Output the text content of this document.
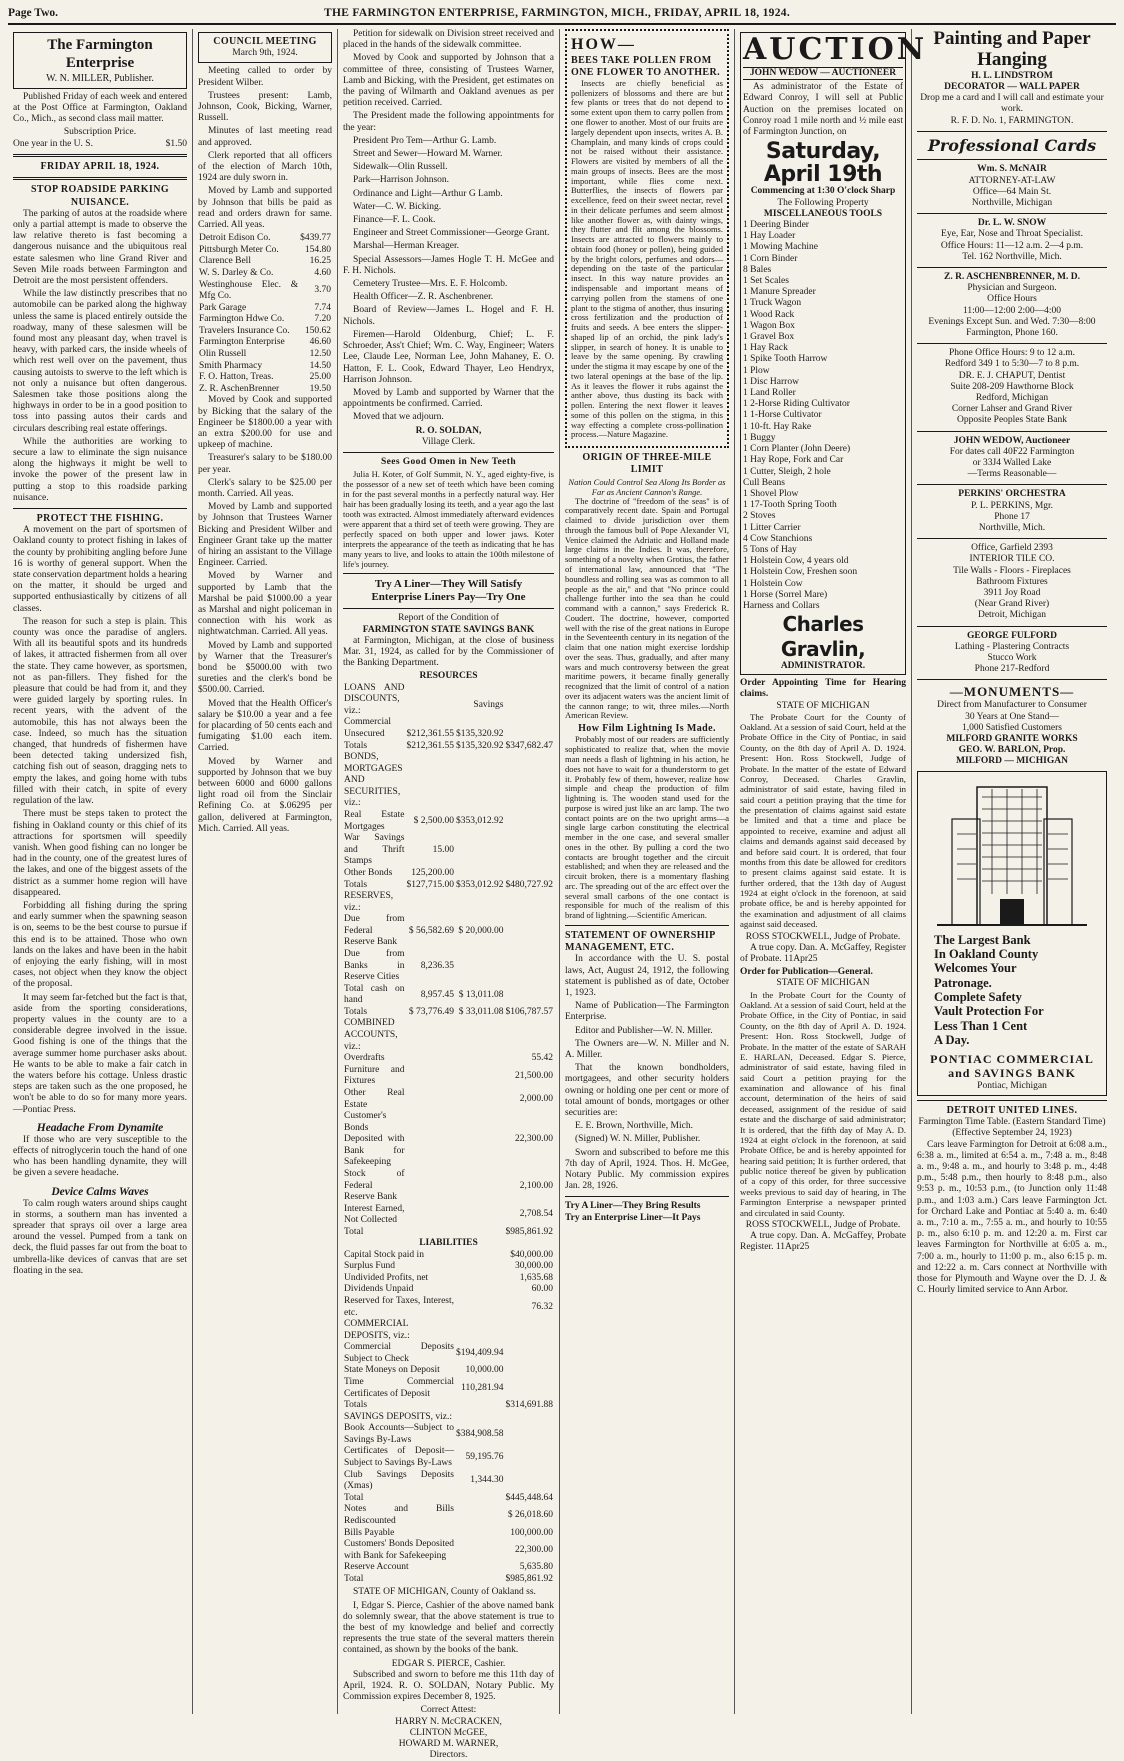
Page Two.	THE FARMINGTON ENTERPRISE, FARMINGTON, MICH., FRIDAY, APRIL 18, 1924.
The Farmington Enterprise
W. N. MILLER, Publisher.

Published Friday of each week and entered at the Post Office at Farmington, Oakland Co., Mich., as second class mail matter.

Subscription Price.
One year in the U. S.	$1.50
FRIDAY APRIL 18, 1924.
STOP ROADSIDE PARKING NUISANCE.

The parking of autos at the roadside where only a partial attempt is made to observe the law relative thereto is fast becoming a dangerous nuisance and the ubiquitous real estate salesmen who line Grand River and Seven Mile roads between Farmington and Detroit are the most persistent offenders.

While the law distinctly prescribes that no automobile can be parked along the highway unless the same is placed entirely outside the roadway, many of these salesmen will be found most any pleasant day, when travel is heavy, with parked cars, the inside wheels of which rest well over on the pavement, thus causing autoists to swerve to the left which is not only a nuisance but often dangerous. Salesmen take those positions along the highways in order to be in a good position to toss into passing autos their cards and circulars describing real estate offerings.

While the authorities are working to secure a law to eliminate the sign nuisance along the highways it might be well to invoke the power of the present law in putting a stop to this roadside parking nuisance.

PROTECT THE FISHING.

A movement on the part of sportsmen of Oakland county to protect fishing in lakes of the county by prohibiting angling before June 16 is worthy of general support. When the state conservation department holds a hearing on the matter, it should be urged and supported enthusiastically by citizens of all classes.

The reason for such a step is plain. This county was once the paradise of anglers. With all its beautiful spots and its hundreds of lakes, it attracted fishermen from all over the state. They came however, as sportsmen, not as pan-fillers. They fished for the pleasure that could be had from it, and they were guided largely by sporting rules. In recent years, with the advent of the automobile, this has not always been the case. Indeed, so much has the situation changed, that hundreds of fishermen have been detected taking undersized fish, catching fish out of season, dragging nets to empty the lakes, and going home with tubs filled with their catch, in spite of every regulation of the law.

There must be steps taken to protect the fishing in Oakland county or this chief of its attractions for sportsmen will speedily vanish. When good fishing can no longer be had in the county, one of the greatest lures of the lakes, and one of the biggest assets of the district as a summer home region will have disappeared.

Forbidding all fishing during the spring and early summer when the spawning season is on, seems to be the best course to pursue if this end is to be attained. Those who own lands on the lakes and have been in the habit of enjoying the early fishing, will in most cases, not object when they know the object of the proposal.

It may seem far-fetched but the fact is that, aside from the sporting considerations, property values in the county are to a considerable degree involved in the issue. Good fishing is one of the things that the average summer home purchaser asks about. He wants to be able to make a fair catch in the waters before his cottage. Unless drastic steps are taken such as the one proposed, he won't be able to do so for many more years.—Pontiac Press.

Headache From Dynamite

If those who are very susceptible to the effects of nitroglycerin touch the hand of one who has been handling dynamite, they will be given a severe headache.

Device Calms Waves

To calm rough waters around ships caught in storms, a southern man has invented a spreader that sprays oil over a large area around the vessel. Pumped from a tank on deck, the fluid passes far out from the boat to umbrella-like devices of canvas that are set floating in the sea.

COUNCIL MEETING
March 9th, 1924.

Meeting called to order by President Wilber.

Trustees present: Lamb, Johnson, Cook, Bicking, Warner, Russell.

Minutes of last meeting read and approved.

Clerk reported that all officers of the election of March 10th, 1924 are duly sworn in.

Moved by Lamb and supported by Johnson that bills be paid as read and orders drawn for same. Carried. All yeas.

Detroit Edison Co.	$439.77
Pittsburgh Meter Co.	154.80
Clarence Bell	16.25
W. S. Darley & Co.	4.60
Westinghouse Elec. & Mfg Co.	3.70
Park Garage	7.74
Farmington Hdwe Co.	7.20
Travelers Insurance Co.	150.62
Farmington Enterprise	46.60
Olin Russell	12.50
Smith Pharmacy	14.50
F. O. Hatton, Treas.	25.00
Z. R. AschenBrenner	19.50

Moved by Cook and supported by Bicking that the salary of the Engineer be $1800.00 a year with an extra $200.00 for use and upkeep of machine.

Treasurer's salary to be $180.00 per year.

Clerk's salary to be $25.00 per month. Carried. All yeas.

Moved by Lamb and supported by Johnson that Trustees Warner Bicking and President Wilber and Engineer Grant take up the matter of hiring an assistant to the Village Engineer. Carried.

Moved by Warner and supported by Lamb that the Marshal be paid $1000.00 a year as Marshal and night policeman in connection with his work as nightwatchman. Carried. All yeas.

Moved by Lamb and supported by Warner that the Treasurer's bond be $5000.00 with two sureties and the clerk's bond be $500.00. Carried.

Moved that the Health Officer's salary be $10.00 a year and a fee for placarding of 50 cents each and fumigating $1.00 each item. Carried.

Moved by Warner and supported by Johnson that we buy between 6000 and 6000 gallons light road oil from the Sinclair Refining Co. at $.06295 per gallon, delivered at Farmington, Mich. Carried. All yeas.

Petition for sidewalk on Division street received and placed in the hands of the sidewalk committee.

Moved by Cook and supported by Johnson that a committee of three, consisting of Trustees Warner, Lamb and Bicking, with the President, get estimates on the paving of Wilmarth and Oakland avenues as per petition received. Carried.

The President made the following appointments for the year:

President Pro Tem—Arthur G. Lamb.

Street and Sewer—Howard M. Warner.

Sidewalk—Olin Russell.

Park—Harrison Johnson.

Ordinance and Light—Arthur G Lamb.

Water—C. W. Bicking.

Finance—F. L. Cook.

Engineer and Street Commissioner—George Grant.

Marshal—Herman Kreager.

Special Assessors—James Hogle T. H. McGee and F. H. Nichols.

Cemetery Trustee—Mrs. E. F. Holcomb.

Health Officer—Z. R. Aschenbrener.

Board of Review—James L. Hogel and F. H. Nichols.

Firemen—Harold Oldenburg, Chief; L. F. Schroeder, Ass't Chief; Wm. C. Way, Engineer; Waters Lee, Claude Lee, Norman Lee, John Mahaney, E. O. Hatton, F. L. Cook, Edward Thayer, Leo Hendryx, Harrison Johnson.

Moved by Lamb and supported by Warner that the appointments be confirmed. Carried.

Moved that we adjourn.

R. O. SOLDAN,
Village Clerk.
Sees Good Omen in New Teeth

Julia H. Koter, of Golf Summit, N. Y., aged eighty-five, is the possessor of a new set of teeth which have been coming in for the past several months in a perfectly natural way. Her hair has been gradually losing its teeth, and a year ago the last tooth was extracted. Almost immediately afterward evidences were apparent that a third set of teeth were growing. They are perfectly spaced on both upper and lower jaws. Koter interprets the appearance of the teeth as indicating that he has many years to live, and looks to attain the 100th milestone of life's journey.

Try A Liner—They Will Satisfy
Enterprise Liners Pay—Try One
Report of the Condition of
FARMINGTON STATE SAVINGS BANK

at Farmington, Michigan, at the close of business Mar. 31, 1924, as called for by the Commissioner of the Banking Department.

RESOURCES
LOANS AND DISCOUNTS, viz.: Commercial		Savings	
Unsecured	$212,361.55	$135,320.92	
Totals	$212,361.55	$135,320.92	$347,682.47
BONDS, MORTGAGES AND SECURITIES, viz.:			
Real Estate Mortgages	$ 2,500.00	$353,012.92	
War Savings and Thrift Stamps	15.00		
Other Bonds	125,200.00		
Totals	$127,715.00	$353,012.92	$480,727.92
RESERVES, viz.:			
Due from Federal Reserve Bank	$ 56,582.69	$ 20,000.00	
Due from Banks in Reserve Cities	8,236.35		
Total cash on hand	8,957.45	$ 13,011.08	
Totals	$ 73,776.49	$ 33,011.08	$106,787.57
COMBINED ACCOUNTS, viz.:			
Overdrafts			55.42
Furniture and Fixtures			21,500.00
Other Real Estate			2,000.00
Customer's Bonds Deposited with Bank for Safekeeping			22,300.00
Stock of Federal Reserve Bank			2,100.00
Interest Earned, Not Collected			2,708.54
Total			$985,861.92
LIABILITIES
Capital Stock paid in		$40,000.00
Surplus Fund		30,000.00
Undivided Profits, net		1,635.68
Dividends Unpaid		60.00
Reserved for Taxes, Interest, etc.		76.32
COMMERCIAL DEPOSITS, viz.:		
Commercial Deposits Subject to Check	$194,409.94	
State Moneys on Deposit	10,000.00	
Time Commercial Certificates of Deposit	110,281.94	
Totals		$314,691.88
SAVINGS DEPOSITS, viz.:		
Book Accounts—Subject to Savings By-Laws	$384,908.58	
Certificates of Deposit—Subject to Savings By-Laws	59,195.76	
Club Savings Deposits (Xmas)	1,344.30	
Total		$445,448.64
Notes and Bills Rediscounted		$ 26,018.60
Bills Payable		100,000.00
Customers' Bonds Deposited with Bank for Safekeeping		22,300.00
Reserve Account		5,635.80
Total		$985,861.92

STATE OF MICHIGAN, County of Oakland ss.

I, Edgar S. Pierce, Cashier of the above named bank do solemnly swear, that the above statement is true to the best of my knowledge and belief and correctly represents the true state of the several matters therein contained, as shown by the books of the bank.

EDGAR S. PIERCE, Cashier.

Subscribed and sworn to before me this 11th day of April, 1924. R. O. SOLDAN, Notary Public. My Commission expires December 8, 1925.

Correct Attest:
HARRY N. McCRACKEN,
CLINTON McGEE,
HOWARD M. WARNER,
Directors.
HOW—
BEES TAKE POLLEN FROM ONE FLOWER TO ANOTHER.

Insects are chiefly beneficial as pollenizers of blossoms and there are but few plants or trees that do not depend to some extent upon them to carry pollen from one flower to another. Most of our fruits are largely dependent upon insects, writes A. B. Champlain, and many kinds of crops could not be raised without their assistance. Flowers are visited by members of all the main groups of insects. Bees are the most important, while flies come next. Butterflies, the insects of flowers par excellence, feed on their sweet nectar, revel in their delicate perfumes and seem almost like another flower as, with dainty wings, they flutter and flit among the blossoms. Insects are attracted to flowers mainly to obtain food (honey or pollen), being guided by the bright colors, perfumes and odors—depending on the taste of the particular insect. In this way nature provides an indispensable and important means of carrying pollen from the stamens of one plant to the stigma of another, thus insuring cross fertilization and the production of fruits and seeds. A bee enters the slipper-shaped lip of an orchid, the pink lady's slipper, in search of honey. It is unable to leave by the same opening. By crawling under the stigma it may escape by one of the two lateral openings at the base of the lip. As it leaves the flower it rubs against the anther above, thus dusting its back with pollen. Entering the next flower it leaves some of this pollen on the stigma, in this way effecting a complete cross-pollination process.—Nature Magazine.

ORIGIN OF THREE-MILE LIMIT
Nation Could Control Sea Along Its Border as Far as Ancient Cannon's Range.

The doctrine of "freedom of the seas" is of comparatively recent date. Spain and Portugal claimed to divide jurisdiction over them through the famous bull of Pope Alexander VI, Venice claimed the Adriatic and Holland made large claims in the Indies. It was, therefore, something of a novelty when Grotius, the father of international law, announced that "The boundless and rolling sea was as common to all people as the air," and that "No prince could challenge further into the sea than he could command with a cannon," says Frederick R. Coudert. The doctrine, however, comported well with the rise of the great nations in Europe in the Seventeenth century in its negation of the claim that one nation might exercise lordship over the seas. Thus, gradually, and after many wars and much controversy between the great maritime powers, it became finally generally recognized that the limit of control of a nation over its adjacent waters was the ancient limit of the cannon range; to wit, three miles.—North American Review.

How Film Lightning Is Made.

Probably most of our readers are sufficiently sophisticated to realize that, when the movie man needs a flash of lightning in his action, he does not have to wait for a thunderstorm to get it. Probably few of them, however, realize how simple and cheap the production of film lightning is. The wooden stand used for the purpose is wired just like an arc lamp. The two contact points are on the two upright arms—a single large carbon constituting the electrical member in the one case, and several smaller ones in the other. By pulling a cord the two contacts are brought together and the circuit established; and when they are released and the circuit broken, there is a momentary flashing arc. The spreading out of the arc effect over the several small carbons of the one contact is responsible for much of the realism of this brand of lightning.—Scientific American.

STATEMENT OF OWNERSHIP MANAGEMENT, ETC.

In accordance with the U. S. postal laws, Act, August 24, 1912, the following statement is published as of date, October 1, 1923.

Name of Publication—The Farmington Enterprise.

Editor and Publisher—W. N. Miller.

The Owners are—W. N. Miller and N. A. Miller.

That the known bondholders, mortgagees, and other security holders owning or holding one per cent or more of total amount of bonds, mortgages or other securities are:

E. E. Brown, Northville, Mich.

(Signed) W. N. Miller, Publisher.

Sworn and subscribed to before me this 7th day of April, 1924. Thos. H. McGee, Notary Public. My commission expires Jan. 28, 1926.

Try A Liner—They Bring Results
Try an Enterprise Liner—It Pays
AUCTION
JOHN WEDOW — AUCTIONEER

As administrator of the Estate of Edward Conroy, I will sell at Public Auction on the premises located on Conroy road 1 mile north and ½ mile east of Farmington Junction, on

Saturday, April 19th
Commencing at 1:30 O'clock Sharp
The Following Property
MISCELLANEOUS TOOLS
1 Deering Binder
1 Hay Loader
1 Mowing Machine
1 Corn Binder
8 Bales
1 Set Scales
1 Manure Spreader
1 Truck Wagon
1 Wood Rack
1 Wagon Box
1 Gravel Box
1 Hay Rack
1 Spike Tooth Harrow
1 Plow
1 Disc Harrow
1 Land Roller
1 2-Horse Riding Cultivator
1 1-Horse Cultivator
1 10-ft. Hay Rake
1 Buggy
1 Corn Planter (John Deere)
1 Hay Rope, Fork and Car
1 Cutter, Sleigh, 2 hole
Cull Beans
1 Shovel Plow
1 17-Tooth Spring Tooth
2 Stoves
1 Litter Carrier
4 Cow Stanchions
5 Tons of Hay
1 Holstein Cow, 4 years old
1 Holstein Cow, Freshen soon
1 Holstein Cow
1 Horse (Sorrel Mare)
Harness and Collars
Charles Gravlin,
ADMINISTRATOR.
Order Appointing Time for Hearing claims.
STATE OF MICHIGAN

The Probate Court for the County of Oakland. At a session of said Court, held at the Probate Office in the City of Pontiac, in said County, on the 8th day of April A. D. 1924. Present: Hon. Ross Stockwell, Judge of Probate. In the matter of the estate of Edward Conroy, Deceased. Charles Gravlin, administrator of said estate, having filed in said court a petition praying that the time for the presentation of claims against said estate be limited and that a time and place be appointed to receive, examine and adjust all claims and demands against said deceased by and before said court. It is ordered, that four months from this date be allowed for creditors to present claims against said estate. It is further ordered, that the 13th day of August 1924 at eight o'clock in the forenoon, at said probate office, be and is hereby appointed for the examination and adjustment of all claims against said deceased.

ROSS STOCKWELL, Judge of Probate.

A true copy. Dan. A. McGaffey, Register of Probate. 11Apr25

Order for Publication—General.
STATE OF MICHIGAN

In the Probate Court for the County of Oakland. At a session of said Court, held at the Probate Office, in the City of Pontiac, in said County, on the 8th day of April A. D. 1924. Present: Hon. Ross Stockwell, Judge of Probate. In the matter of the estate of SARAH E. HARLAN, Deceased. Edgar S. Pierce, administrator of said estate, having filed in said Court a petition praying for the examination and allowance of his final account, determination of the heirs of said deceased, assignment of the residue of said estate and the discharge of said administrator; It is ordered, that the fifth day of May A. D. 1924 at eight o'clock in the forenoon, at said Probate Office, be and is hereby appointed for hearing said petition; It is further ordered, that public notice thereof be given by publication of a copy of this order, for three successive weeks previous to said day of hearing, in The Farmington Enterprise a newspaper printed and circulated in said County.

ROSS STOCKWELL, Judge of Probate.

A true copy. Dan. A. McGaffey, Probate Register. 11Apr25

Painting and Paper Hanging
H. L. LINDSTROM
DECORATOR — WALL PAPER
Drop me a card and I will call and estimate your work.
R. F. D. No. 1, FARMINGTON.
Professional Cards
Wm. S. McNAIR
ATTORNEY-AT-LAW
Office—64 Main St.
Northville, Michigan
Dr. L. W. SNOW
Eye, Ear, Nose and Throat Specialist.
Office Hours: 11—12 a.m. 2—4 p.m.
Tel. 162 Northville, Mich.
Z. R. ASCHENBRENNER, M. D.
Physician and Surgeon.
Office Hours
11:00—12:00 2:00—4:00
Evenings Except Sun. and Wed. 7:30—8:00
Farmington, Phone 160.
Phone Office Hours: 9 to 12 a.m.
Redford 349 1 to 5:30—7 to 8 p.m.
DR. E. J. CHAPUT, Dentist
Suite 208-209 Hawthorne Block
Redford, Michigan
Corner Lahser and Grand River
Opposite Peoples State Bank
JOHN WEDOW, Auctioneer
For dates call 40F22 Farmington
or 33J4 Walled Lake
—Terms Reasonable—
PERKINS' ORCHESTRA
P. L. PERKINS, Mgr.
Phone 17
Northville, Mich.
Office, Garfield 2393
INTERIOR TILE CO.
Tile Walls - Floors - Fireplaces
Bathroom Fixtures
3911 Joy Road
(Near Grand River)
Detroit, Michigan
GEORGE FULFORD
Lathing - Plastering Contracts
Stucco Work
Phone 217-Redford
—MONUMENTS—
Direct from Manufacturer to Consumer
30 Years at One Stand—
1,000 Satisfied Customers
MILFORD GRANITE WORKS
GEO. W. BARLON, Prop.
MILFORD — MICHIGAN
The Largest Bank
In Oakland County
Welcomes Your
Patronage.
Complete Safety
Vault Protection For
Less Than 1 Cent
A Day.
PONTIAC COMMERCIAL and SAVINGS BANK
Pontiac, Michigan
DETROIT UNITED LINES.
Farmington Time Table. (Eastern Standard Time)
(Effective September 24, 1923)

Cars leave Farmington for Detroit at 6:08 a.m., 6:38 a. m., limited at 6:54 a. m., 7:48 a. m., 8:48 a. m., 9:48 a. m., and hourly to 3:48 p. m., 4:48 p.m., 5:48 p.m., then hourly to 8:48 p.m., also 9:53 p. m., 10:53 p.m., (to Junction only 11:48 p.m., and 1:03 a.m.) Cars leave Farmington Jct. for Orchard Lake and Pontiac at 5:40 a. m. 6:40 a. m., 7:10 a. m., 7:55 a. m., and hourly to 10:55 p. m., also 6:10 p. m. and 12:20 a. m. First car leaves Farmington for Northville at 6:05 a. m., 7:00 a. m., hourly to 11:00 p. m., also 6:15 p. m. and 12:22 a. m. Cars connect at Northville with those for Plymouth and Wayne over the D. J. & C. Hourly limited service to Ann Arbor.
